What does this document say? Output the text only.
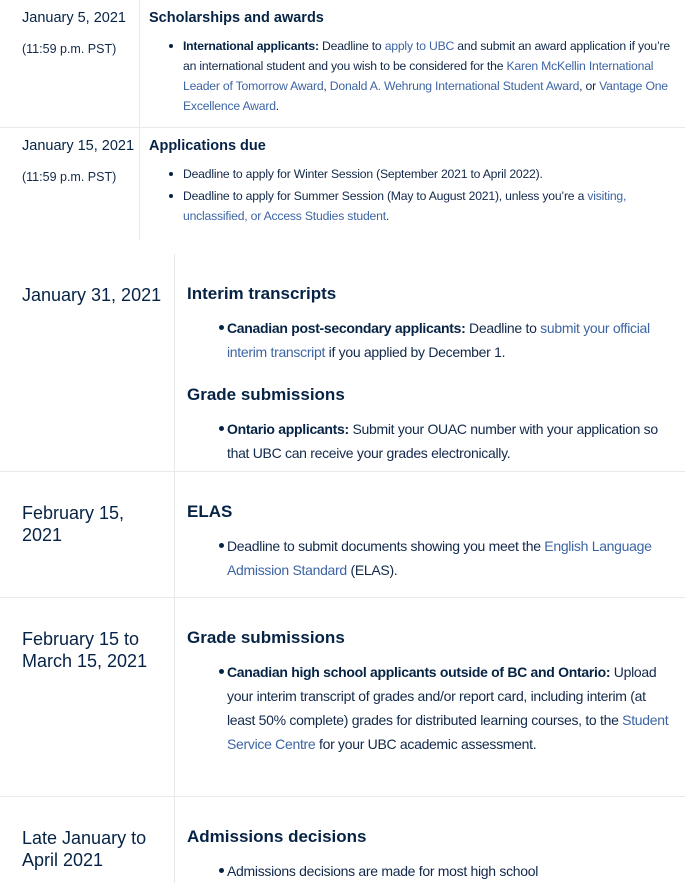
January 5, 2021
(11:59 p.m. PST)
Scholarships and awards
International applicants: Deadline to apply to UBC and submit an award application if you’re an international student and you wish to be considered for the Karen McKellin International Leader of Tomorrow Award, Donald A. Wehrung International Student Award, or Vantage One Excellence Award.
January 15, 2021
(11:59 p.m. PST)
Applications due
Deadline to apply for Winter Session (September 2021 to April 2022).
Deadline to apply for Summer Session (May to August 2021), unless you’re a visiting, unclassified, or Access Studies student.
January 31, 2021	Interim transcripts
Canadian post-secondary applicants: Deadline to submit your official interim transcript if you applied by December 1.
Grade submissions
Ontario applicants: Submit your OUAC number with your application so that UBC can receive your grades electronically.
February 15, 2021
ELAS
Deadline to submit documents showing you meet the English Language Admission Standard (ELAS).
February 15 to March 15, 2021
Grade submissions
Canadian high school applicants outside of BC and Ontario: Upload your interim transcript of grades and/or report card, including interim (at least 50% complete) grades for distributed learning courses, to the Student Service Centre for your UBC academic assessment.
Late January to April 2021
Admissions decisions
Admissions decisions are made for most high school
